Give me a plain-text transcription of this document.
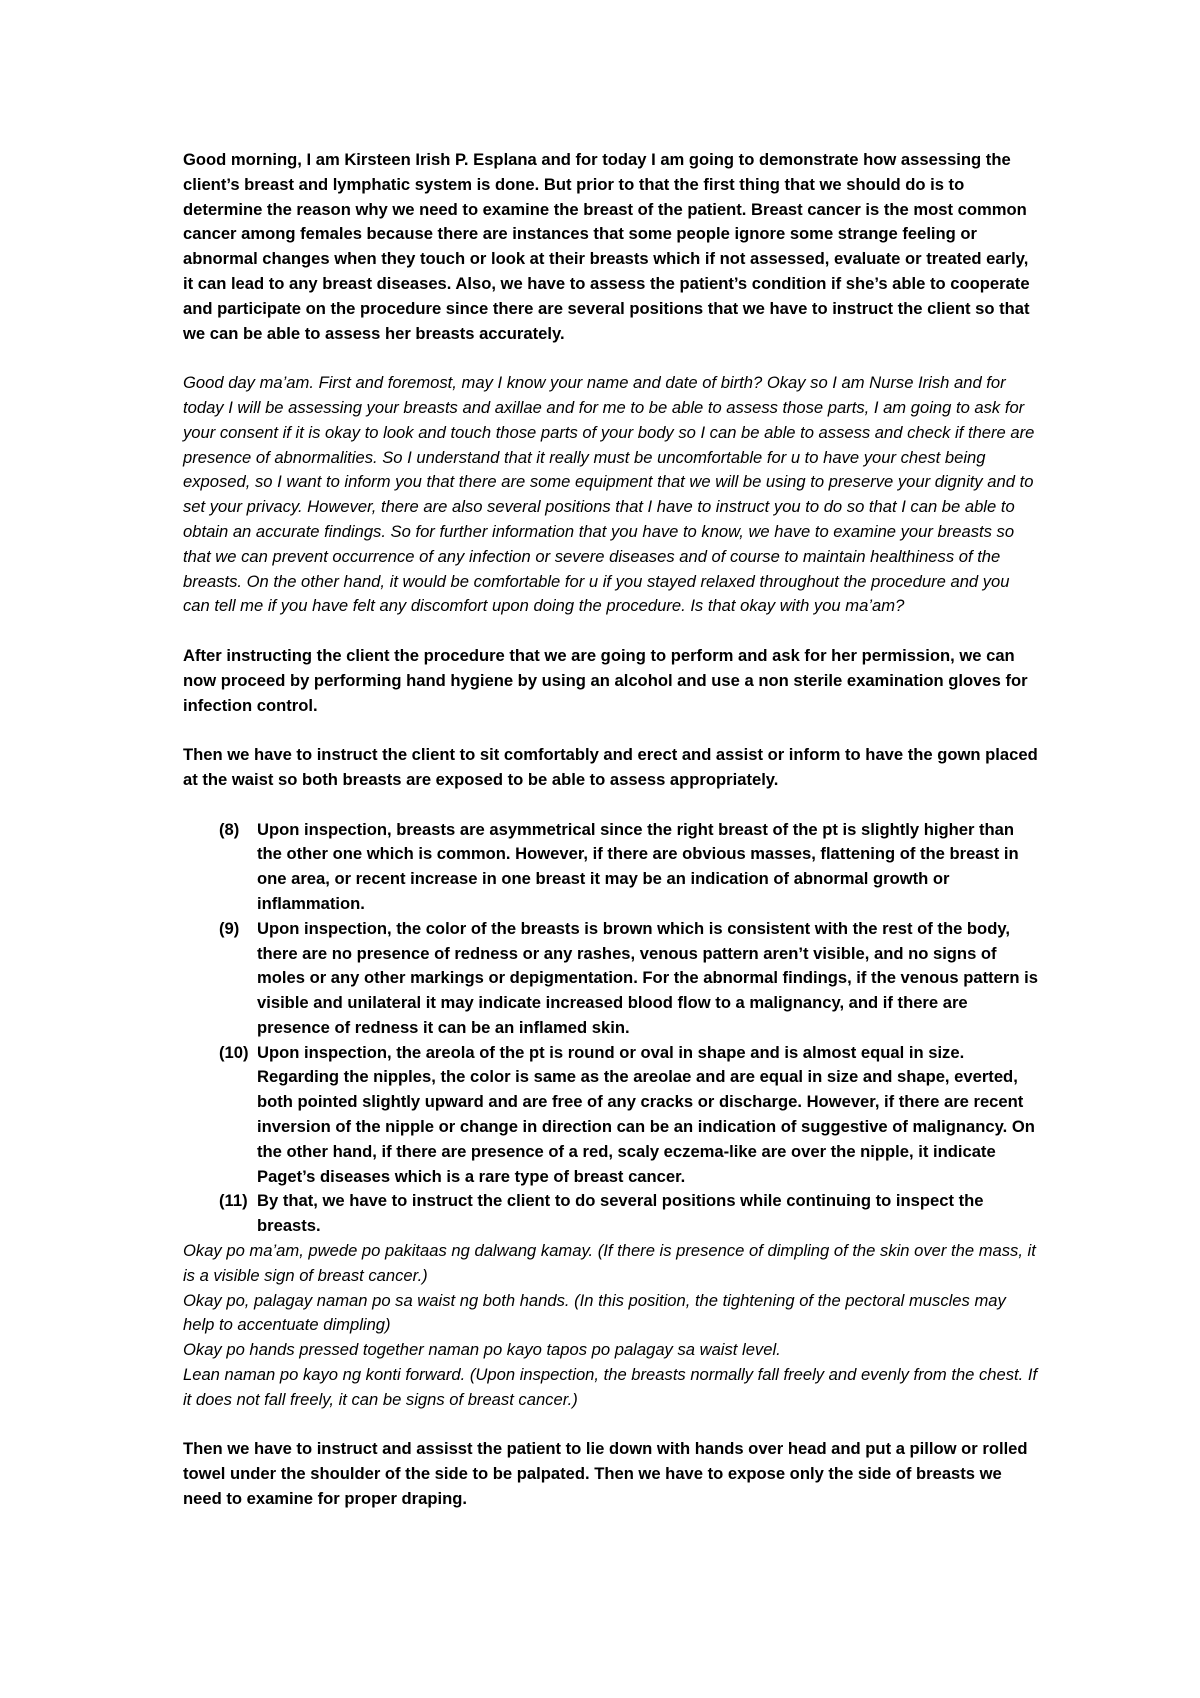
Good morning, I am Kirsteen Irish P. Esplana and for today I am going to demonstrate how assessing the client’s breast and lymphatic system is done. But prior to that the first thing that we should do is to determine the reason why we need to examine the breast of the patient. Breast cancer is the most common cancer among females because there are instances that some people ignore some strange feeling or abnormal changes when they touch or look at their breasts which if not assessed, evaluate or treated early, it can lead to any breast diseases. Also, we have to assess the patient’s condition if she’s able to cooperate and participate on the procedure since there are several positions that we have to instruct the client so that we can be able to assess her breasts accurately.

Good day ma’am. First and foremost, may I know your name and date of birth? Okay so I am Nurse Irish and for today I will be assessing your breasts and axillae and for me to be able to assess those parts, I am going to ask for your consent if it is okay to look and touch those parts of your body so I can be able to assess and check if there are presence of abnormalities. So I understand that it really must be uncomfortable for u to have your chest being exposed, so I want to inform you that there are some equipment that we will be using to preserve your dignity and to set your privacy. However, there are also several positions that I have to instruct you to do so that I can be able to obtain an accurate findings. So for further information that you have to know, we have to examine your breasts so that we can prevent occurrence of any infection or severe diseases and of course to maintain healthiness of the breasts. On the other hand, it would be comfortable for u if you stayed relaxed throughout the procedure and you can tell me if you have felt any discomfort upon doing the procedure. Is that okay with you ma’am?

After instructing the client the procedure that we are going to perform and ask for her permission, we can now proceed by performing hand hygiene by using an alcohol and use a non sterile examination gloves for infection control.

Then we have to instruct the client to sit comfortably and erect and assist or inform to have the gown placed at the waist so both breasts are exposed to be able to assess appropriately.

(8) Upon inspection, breasts are asymmetrical since the right breast of the pt is slightly higher than the other one which is common. However, if there are obvious masses, flattening of the breast in one area, or recent increase in one breast it may be an indication of abnormal growth or inflammation.
(9) Upon inspection, the color of the breasts is brown which is consistent with the rest of the body, there are no presence of redness or any rashes, venous pattern aren’t visible, and no signs of moles or any other markings or depigmentation. For the abnormal findings, if the venous pattern is visible and unilateral it may indicate increased blood flow to a malignancy, and if there are presence of redness it can be an inflamed skin.
(10) Upon inspection, the areola of the pt is round or oval in shape and is almost equal in size. Regarding the nipples, the color is same as the areolae and are equal in size and shape, everted, both pointed slightly upward and are free of any cracks or discharge. However, if there are recent inversion of the nipple or change in direction can be an indication of suggestive of malignancy. On the other hand, if there are presence of a red, scaly eczema-like are over the nipple, it indicate Paget’s diseases which is a rare type of breast cancer.
(11) By that, we have to instruct the client to do several positions while continuing to inspect the breasts.
Okay po ma’am, pwede po pakitaas ng dalwang kamay. (If there is presence of dimpling of the skin over the mass, it is a visible sign of breast cancer.)
Okay po, palagay naman po sa waist ng both hands. (In this position, the tightening of the pectoral muscles may help to accentuate dimpling)
Okay po hands pressed together naman po kayo tapos po palagay sa waist level.
Lean naman po kayo ng konti forward. (Upon inspection, the breasts normally fall freely and evenly from the chest. If it does not fall freely, it can be signs of breast cancer.)

Then we have to instruct and assisst the patient to lie down with hands over head and put a pillow or rolled towel under the shoulder of the side to be palpated. Then we have to expose only the side of breasts we need to examine for proper draping.
